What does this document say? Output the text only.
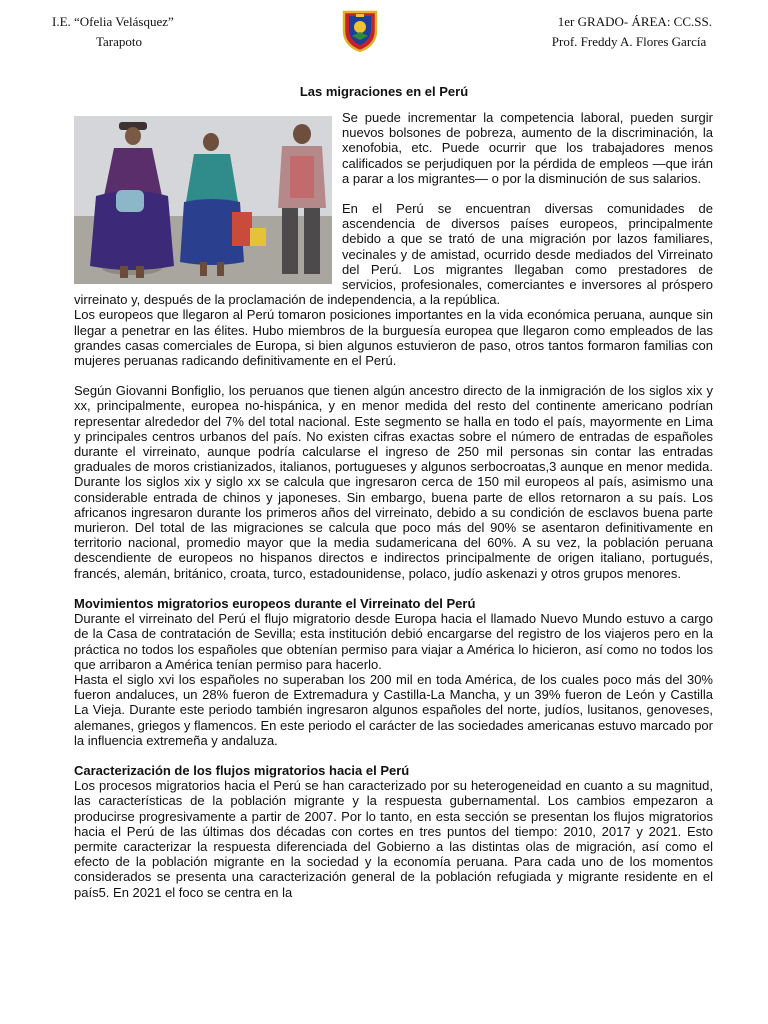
I.E. “Ofelia Velásquez”
Tarapoto
1er GRADO- ÁREA: CC.SS.
Prof. Freddy A. Flores García
Las migraciones en el Perú

Se puede incrementar la competencia laboral, pueden surgir nuevos bolsones de pobreza, aumento de la discriminación, la xenofobia, etc. Puede ocurrir que los trabajadores menos calificados se perjudiquen por la pérdida de empleos —que irán a parar a los migrantes— o por la disminución de sus salarios.

En el Perú se encuentran diversas comunidades de ascendencia de diversos países europeos, principalmente debido a que se trató de una migración por lazos familiares, vecinales y de amistad, ocurrido desde mediados del Virreinato del Perú. Los migrantes llegaban como prestadores de servicios, profesionales, comerciantes e inversores al próspero virreinato y, después de la proclamación de independencia, a la república.

Los europeos que llegaron al Perú tomaron posiciones importantes en la vida económica peruana, aunque sin llegar a penetrar en las élites. Hubo miembros de la burguesía europea que llegaron como empleados de las grandes casas comerciales de Europa, si bien algunos estuvieron de paso, otros tantos formaron familias con mujeres peruanas radicando definitivamente en el Perú.

Según Giovanni Bonfiglio, los peruanos que tienen algún ancestro directo de la inmigración de los siglos xix y xx, principalmente, europea no-hispánica, y en menor medida del resto del continente americano podrían representar alrededor del 7% del total nacional. Este segmento se halla en todo el país, mayormente en Lima y principales centros urbanos del país. No existen cifras exactas sobre el número de entradas de españoles durante el virreinato, aunque podría calcularse el ingreso de 250 mil personas sin contar las entradas graduales de moros cristianizados, italianos, portugueses y algunos serbocroatas,3 aunque en menor medida. Durante los siglos xix y siglo xx se calcula que ingresaron cerca de 150 mil europeos al país, asimismo una considerable entrada de chinos y japoneses. Sin embargo, buena parte de ellos retornaron a su país. Los africanos ingresaron durante los primeros años del virreinato, debido a su condición de esclavos buena parte murieron. Del total de las migraciones se calcula que poco más del 90% se asentaron definitivamente en territorio nacional, promedio mayor que la media sudamericana del 60%. A su vez, la población peruana descendiente de europeos no hispanos directos e indirectos principalmente de origen italiano, portugués, francés, alemán, británico, croata, turco, estadounidense, polaco, judío askenazi y otros grupos menores.

Movimientos migratorios europeos durante el Virreinato del Perú

Durante el virreinato del Perú el flujo migratorio desde Europa hacia el llamado Nuevo Mundo estuvo a cargo de la Casa de contratación de Sevilla; esta institución debió encargarse del registro de los viajeros pero en la práctica no todos los españoles que obtenían permiso para viajar a América lo hicieron, así como no todos los que arribaron a América tenían permiso para hacerlo.

Hasta el siglo xvi los españoles no superaban los 200 mil en toda América, de los cuales poco más del 30% fueron andaluces, un 28% fueron de Extremadura y Castilla-La Mancha, y un 39% fueron de León y Castilla La Vieja. Durante este periodo también ingresaron algunos españoles del norte, judíos, lusitanos, genoveses, alemanes, griegos y flamencos. En este periodo el carácter de las sociedades americanas estuvo marcado por la influencia extremeña y andaluza.

Caracterización de los flujos migratorios hacia el Perú

Los procesos migratorios hacia el Perú se han caracterizado por su heterogeneidad en cuanto a su magnitud, las características de la población migrante y la respuesta gubernamental. Los cambios empezaron a producirse progresivamente a partir de 2007. Por lo tanto, en esta sección se presentan los flujos migratorios hacia el Perú de las últimas dos décadas con cortes en tres puntos del tiempo: 2010, 2017 y 2021. Esto permite caracterizar la respuesta diferenciada del Gobierno a las distintas olas de migración, así como el efecto de la población migrante en la sociedad y la economía peruana. Para cada uno de los momentos considerados se presenta una caracterización general de la población refugiada y migrante residente en el país5. En 2021 el foco se centra en la
